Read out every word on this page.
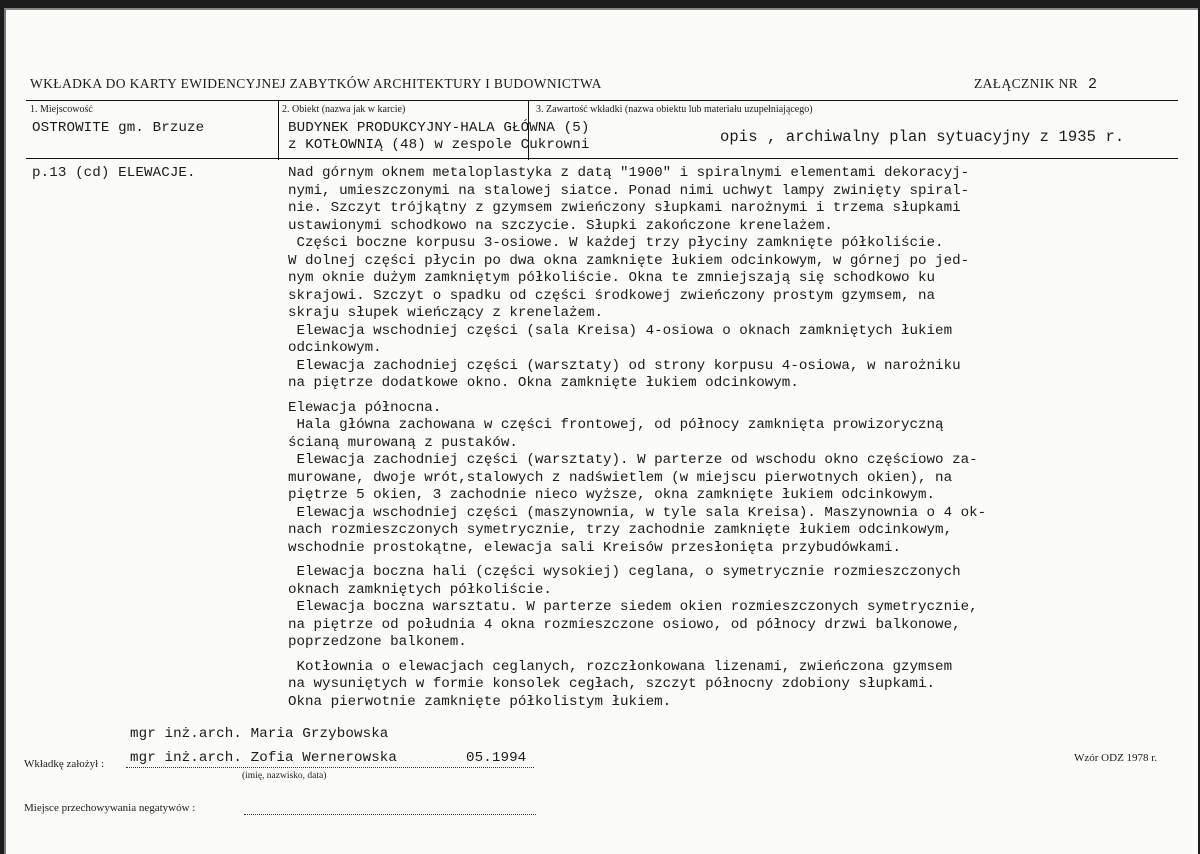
WKŁADKA DO KARTY EWIDENCYJNEJ ZABYTKÓW ARCHITEKTURY I BUDOWNICTWA	ZAŁĄCZNIK NR 2
1. Miejscowość
OSTROWITE gm. Brzuze
2. Obiekt (nazwa jak w karcie)
BUDYNEK PRODUKCYJNY-HALA GŁÓWNA (5)
z KOTŁOWNIĄ (48) w zespole Cukrowni
3. Zawartość wkładki (nazwa obiektu lub materiału uzupełniającego)
opis , archiwalny plan sytuacyjny z 1935 r.
p.13 (cd) ELEWACJE.	Nad górnym oknem metaloplastyka z datą "1900" i spiralnymi elementami dekoracyj-
nymi, umieszczonymi na stalowej siatce. Ponad nimi uchwyt lampy zwinięty spiral-
nie. Szczyt trójkątny z gzymsem zwieńczony słupkami narożnymi i trzema słupkami
ustawionymi schodkowo na szczycie. Słupki zakończone krenelażem.
Części boczne korpusu 3-osiowe. W każdej trzy płyciny zamknięte półkoliście.
W dolnej części płycin po dwa okna zamknięte łukiem odcinkowym, w górnej po jed-
nym oknie dużym zamkniętym półkoliście. Okna te zmniejszają się schodkowo ku
skrajowi. Szczyt o spadku od części środkowej zwieńczony prostym gzymsem, na
skraju słupek wieńczący z krenelażem.
Elewacja wschodniej części (sala Kreisa) 4-osiowa o oknach zamkniętych łukiem
odcinkowym.
Elewacja zachodniej części (warsztaty) od strony korpusu 4-osiowa, w narożniku
na piętrze dodatkowe okno. Okna zamknięte łukiem odcinkowym.
Elewacja północna.
Hala główna zachowana w części frontowej, od północy zamknięta prowizoryczną
ścianą murowaną z pustaków.
Elewacja zachodniej części (warsztaty). W parterze od wschodu okno częściowo za-
murowane, dwoje wrót,stalowych z nadświetlem (w miejscu pierwotnych okien), na
piętrze 5 okien, 3 zachodnie nieco wyższe, okna zamknięte łukiem odcinkowym.
Elewacja wschodniej części (maszynownia, w tyle sala Kreisa). Maszynownia o 4 ok-
nach rozmieszczonych symetrycznie, trzy zachodnie zamknięte łukiem odcinkowym,
wschodnie prostokątne, elewacja sali Kreisów przesłonięta przybudówkami.
Elewacja boczna hali (części wysokiej) ceglana, o symetrycznie rozmieszczonych
oknach zamkniętych półkoliście.
Elewacja boczna warsztatu. W parterze siedem okien rozmieszczonych symetrycznie,
na piętrze od południa 4 okna rozmieszczone osiowo, od północy drzwi balkonowe,
poprzedzone balkonem.
Kotłownia o elewacjach ceglanych, rozczłonkowana lizenami, zwieńczona gzymsem
na wysuniętych w formie konsolek cegłach, szczyt północny zdobiony słupkami.
Okna pierwotnie zamknięte półkolistym łukiem.
mgr inż.arch. Maria Grzybowska
Wkładkę założył : mgr inż.arch. Zofia Wernerowska	05.1994
(imię, nazwisko, data)
Wzór ODZ 1978 r.
Miejsce przechowywania negatywów :
